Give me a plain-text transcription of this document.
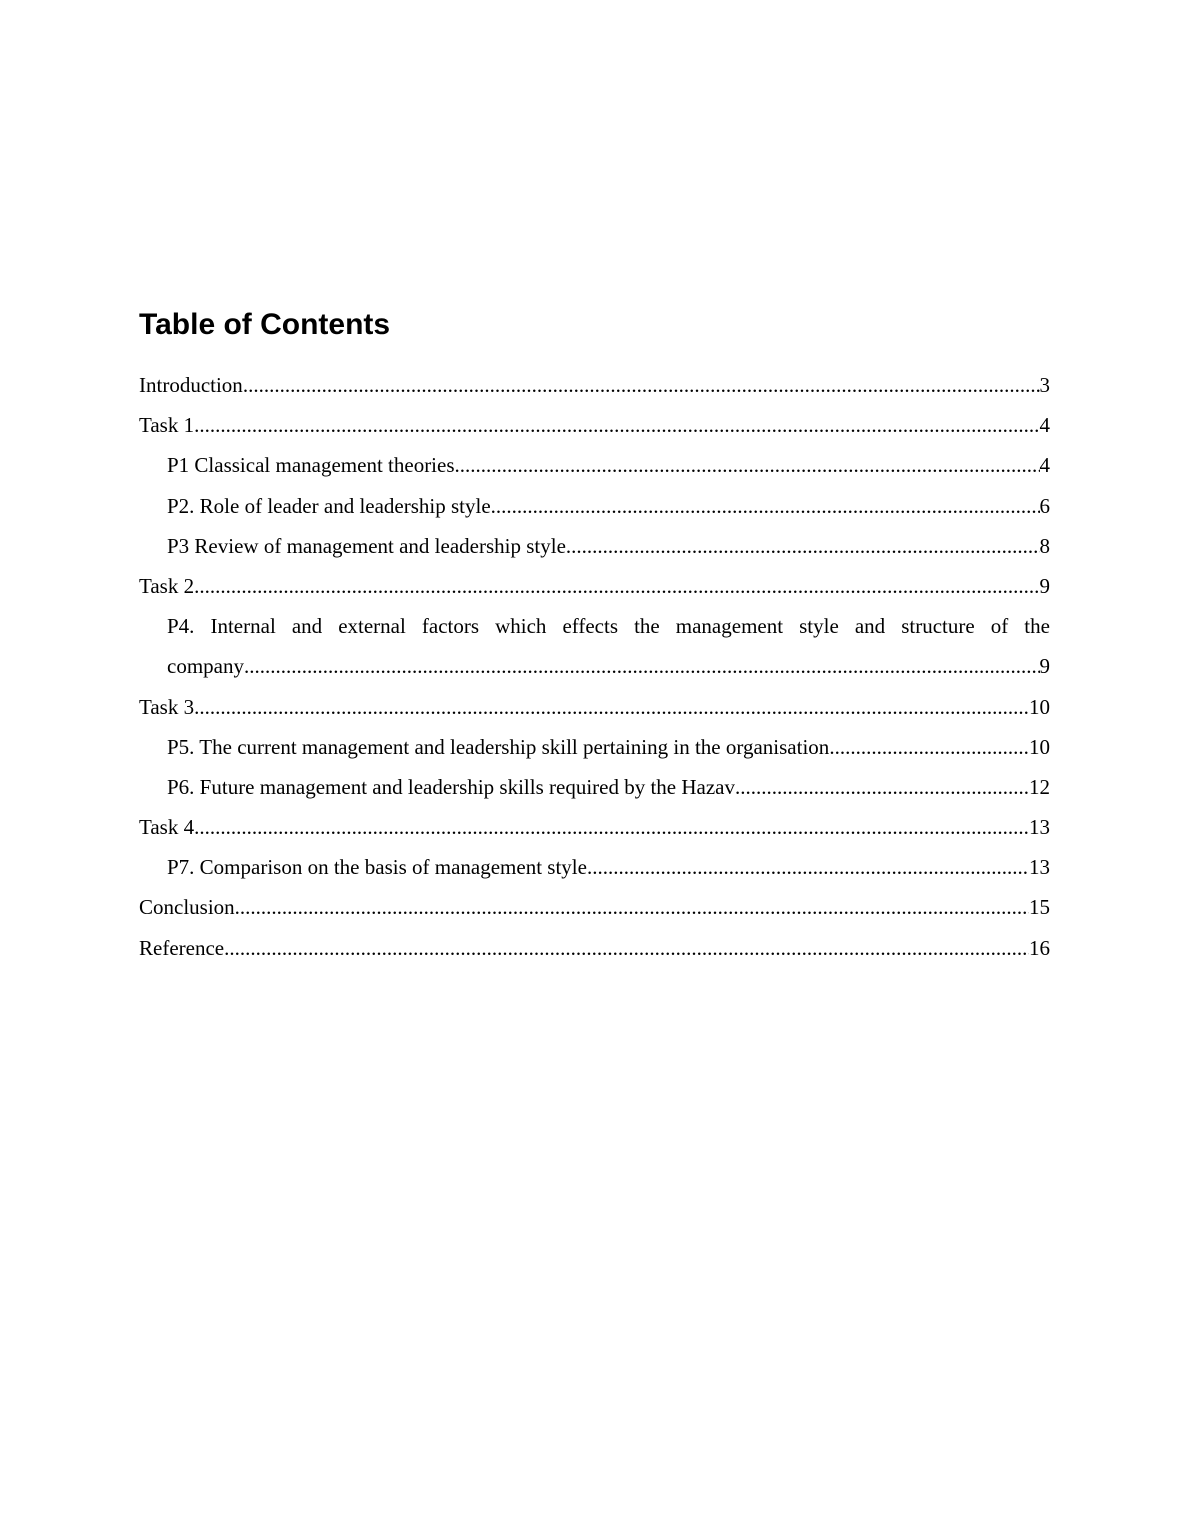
Table of Contents
Introduction .....	3
Task 1 .....	4
P1 Classical management theories .....	4
P2. Role of leader and leadership style .....	6
P3 Review of management and leadership style .....	8
Task 2 .....	9
P4. Internal and external factors which effects the management style and structure of the
company .....	9
Task 3 .....	10
P5. The current management and leadership skill pertaining in the organisation .....	10
P6. Future management and leadership skills required by the Hazav .....	12
Task 4 .....	13
P7. Comparison on the basis of management style .....	13
Conclusion .....	15
Reference .....	16
